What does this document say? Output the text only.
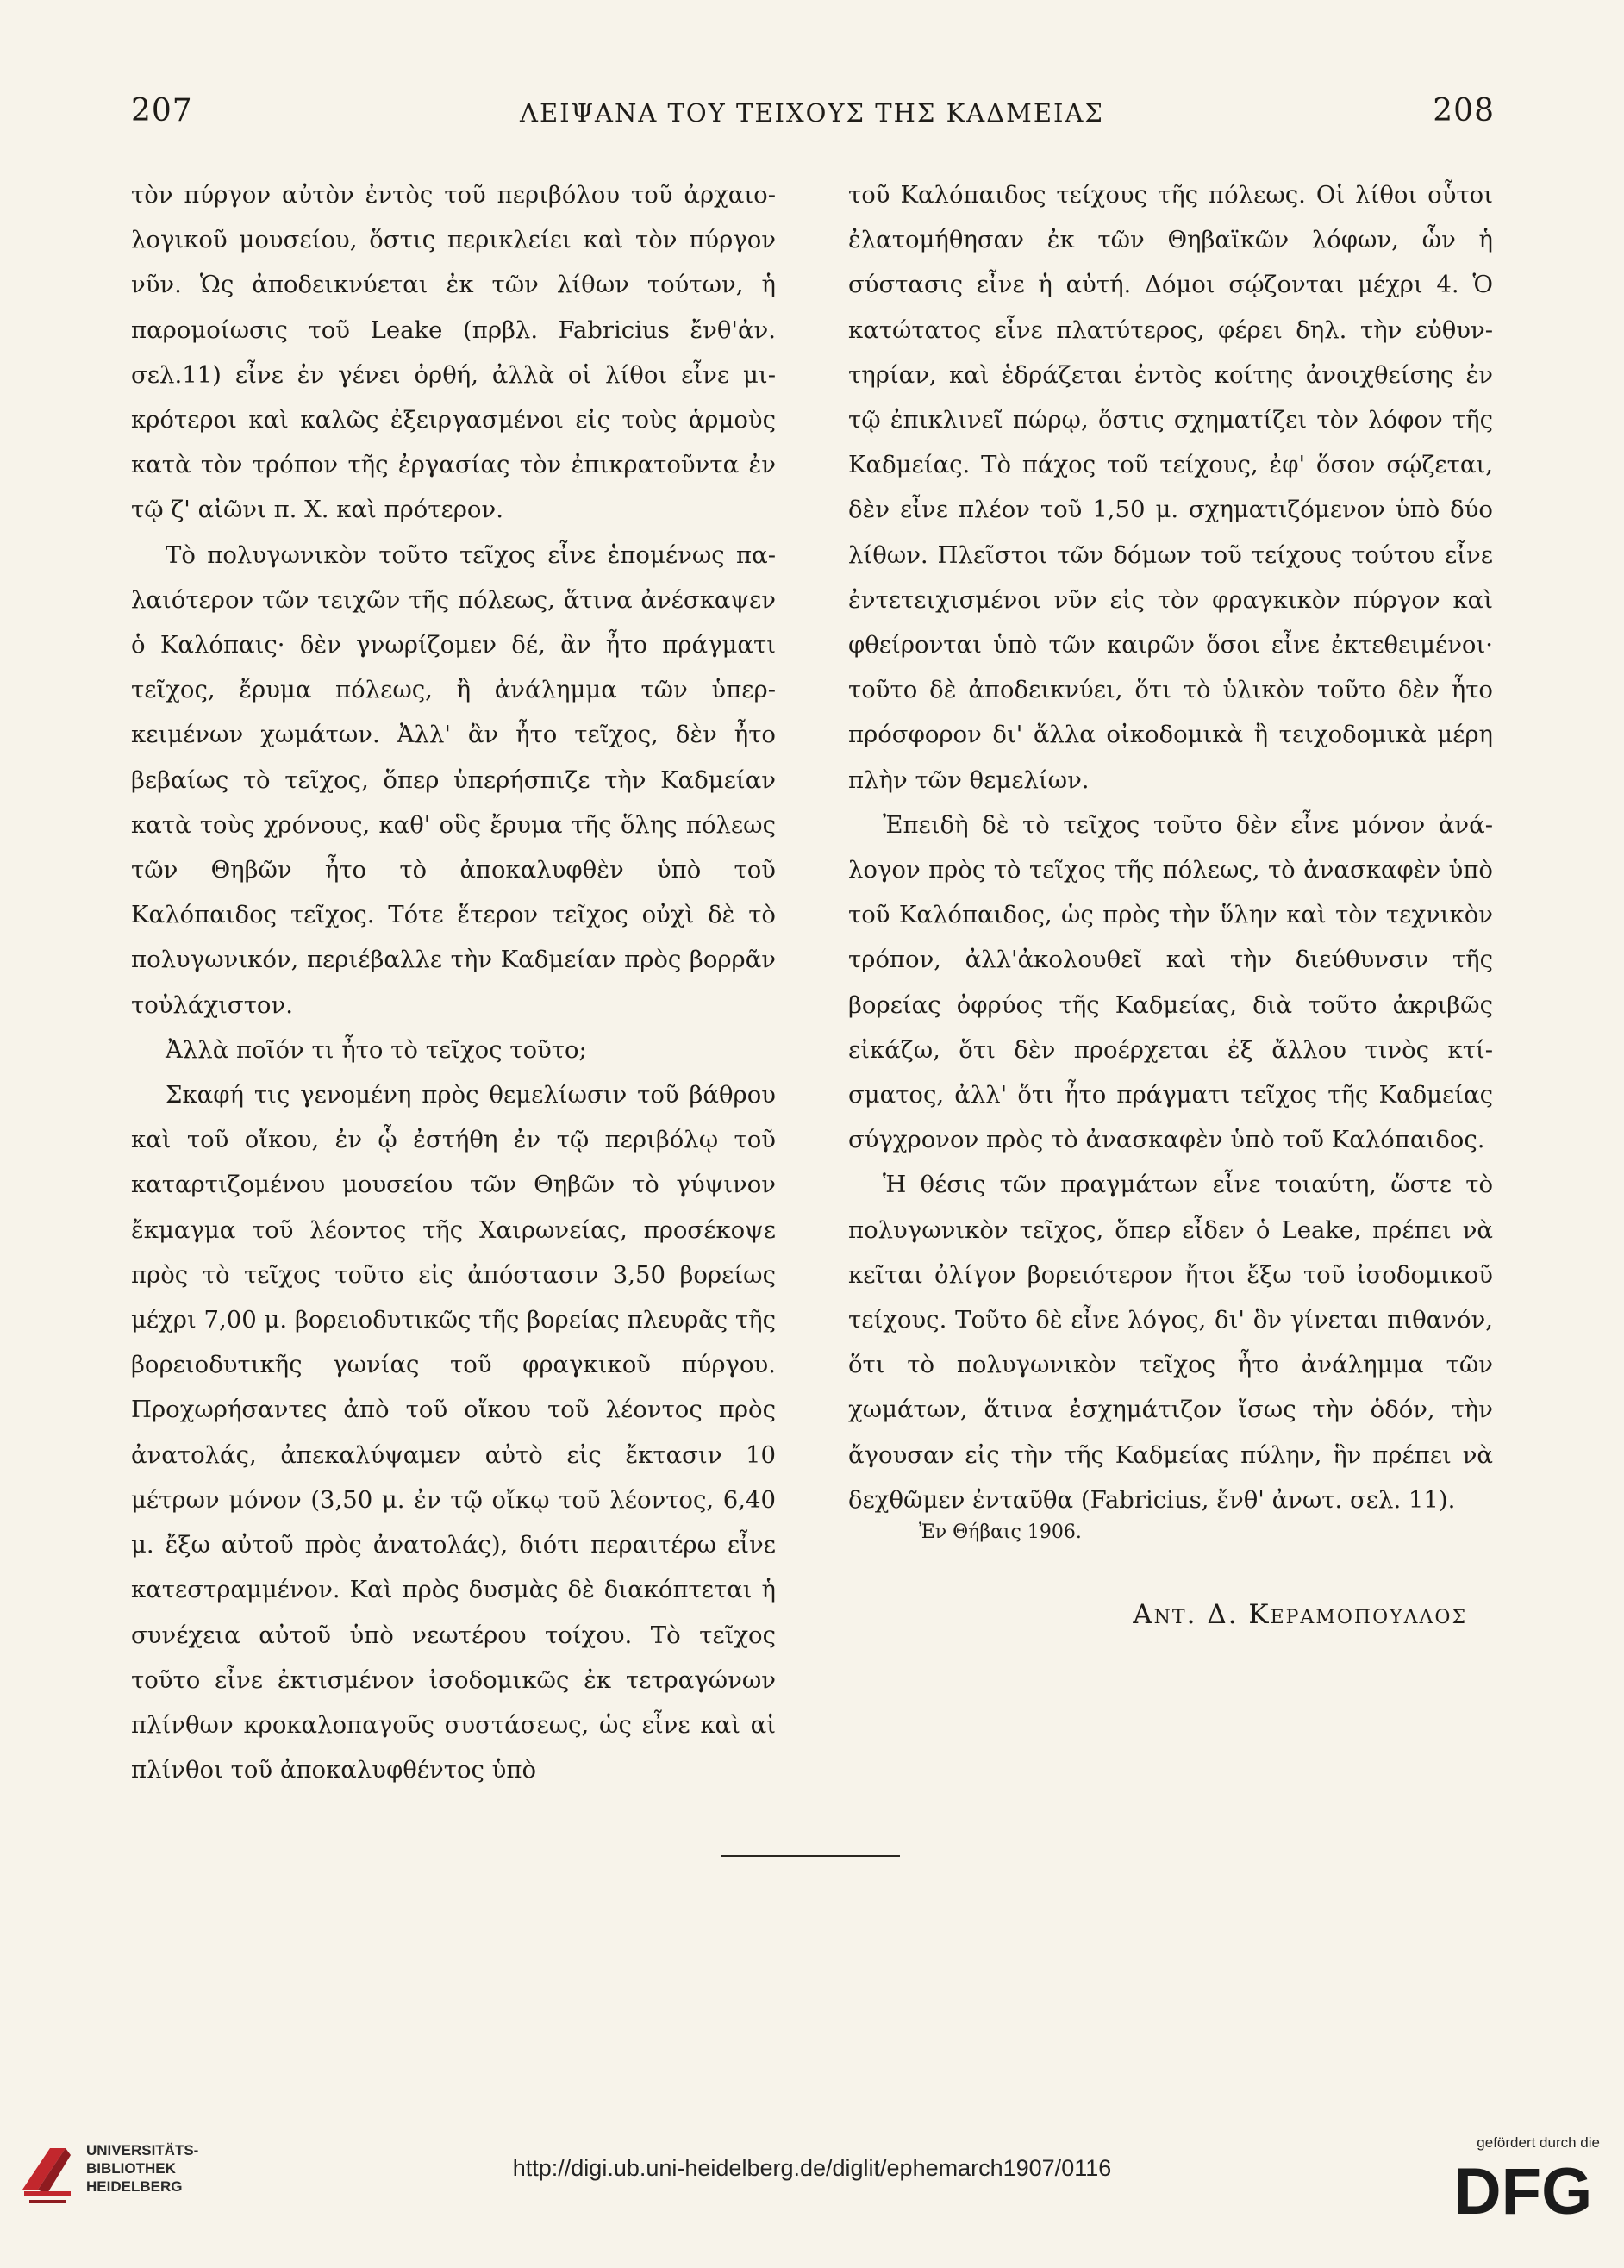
207	ΛΕΙΨΑΝΑ ΤΟΥ ΤΕΙΧΟΥΣ ΤΗΣ ΚΑΔΜΕΙΑΣ	208

τὸν πύργον αὐτὸν ἐντὸς τοῦ περιβόλου τοῦ ἀρχαιολογικοῦ μουσείου, ὅστις περικλείει καὶ τὸν πύργον νῦν. Ὡς ἀποδεικνύεται ἐκ τῶν λίθων τούτων, ἡ παρομοίωσις τοῦ Leake (πρβλ. Fabricius ἔνθ'ἀν. σελ.11) εἶνε ἐν γένει ὀρθή, ἀλλὰ οἱ λίθοι εἶνε μικρότεροι καὶ καλῶς ἐξειργασμένοι εἰς τοὺς ἁρμοὺς κατὰ τὸν τρόπον τῆς ἐργασίας τὸν ἐπικρατοῦντα ἐν τῷ ζ' αἰῶνι π. Χ. καὶ πρότερον.

Τὸ πολυγωνικὸν τοῦτο τεῖχος εἶνε ἑπομένως παλαιότερον τῶν τειχῶν τῆς πόλεως, ἅτινα ἀνέσκαψεν ὁ Καλόπαις· δὲν γνωρίζομεν δέ, ἂν ἦτο πράγματι τεῖχος, ἔρυμα πόλεως, ἢ ἀνάλημμα τῶν ὑπερκειμένων χωμάτων. Ἀλλ' ἂν ἦτο τεῖχος, δὲν ἦτο βεβαίως τὸ τεῖχος, ὅπερ ὑπερήσπιζε τὴν Καδμείαν κατὰ τοὺς χρόνους, καθ' οὓς ἔρυμα τῆς ὅλης πόλεως τῶν Θηβῶν ἦτο τὸ ἀποκαλυφθὲν ὑπὸ τοῦ Καλόπαιδος τεῖχος. Τότε ἕτερον τεῖχος οὐχὶ δὲ τὸ πολυγωνικόν, περιέβαλλε τὴν Καδμείαν πρὸς βορρᾶν τοὐλάχιστον.

Ἀλλὰ ποῖόν τι ἦτο τὸ τεῖχος τοῦτο;

Σκαφή τις γενομένη πρὸς θεμελίωσιν τοῦ βάθρου καὶ τοῦ οἴκου, ἐν ᾧ ἐστήθη ἐν τῷ περιβόλῳ τοῦ καταρτιζομένου μουσείου τῶν Θηβῶν τὸ γύψινον ἔκμαγμα τοῦ λέοντος τῆς Χαιρωνείας, προσέκοψε πρὸς τὸ τεῖχος τοῦτο εἰς ἀπόστασιν 3,50 βορείως μέχρι 7,00 μ. βορειοδυτικῶς τῆς βορείας πλευρᾶς τῆς βορειοδυτικῆς γωνίας τοῦ φραγκικοῦ πύργου. Προχωρήσαντες ἀπὸ τοῦ οἴκου τοῦ λέοντος πρὸς ἀνατολάς, ἀπεκαλύψαμεν αὐτὸ εἰς ἔκτασιν 10 μέτρων μόνον (3,50 μ. ἐν τῷ οἴκῳ τοῦ λέοντος, 6,40 μ. ἔξω αὐτοῦ πρὸς ἀνατολάς), διότι περαιτέρω εἶνε κατεστραμμένον. Καὶ πρὸς δυσμὰς δὲ διακόπτεται ἡ συνέχεια αὐτοῦ ὑπὸ νεωτέρου τοίχου. Τὸ τεῖχος τοῦτο εἶνε ἐκτισμένον ἰσοδομικῶς ἐκ τετραγώνων πλίνθων κροκαλοπαγοῦς συστάσεως, ὡς εἶνε καὶ αἱ πλίνθοι τοῦ ἀποκαλυφθέντος ὑπὸ

τοῦ Καλόπαιδος τείχους τῆς πόλεως. Οἱ λίθοι οὗτοι ἐλατομήθησαν ἐκ τῶν Θηβαϊκῶν λόφων, ὧν ἡ σύστασις εἶνε ἡ αὐτή. Δόμοι σῴζονται μέχρι 4. Ὁ κατώτατος εἶνε πλατύτερος, φέρει δηλ. τὴν εὐθυντηρίαν, καὶ ἑδράζεται ἐντὸς κοίτης ἀνοιχθείσης ἐν τῷ ἐπικλινεῖ πώρῳ, ὅστις σχηματίζει τὸν λόφον τῆς Καδμείας. Τὸ πάχος τοῦ τείχους, ἐφ' ὅσον σῴζεται, δὲν εἶνε πλέον τοῦ 1,50 μ. σχηματιζόμενον ὑπὸ δύο λίθων. Πλεῖστοι τῶν δόμων τοῦ τείχους τούτου εἶνε ἐντετειχισμένοι νῦν εἰς τὸν φραγκικὸν πύργον καὶ φθείρονται ὑπὸ τῶν καιρῶν ὅσοι εἶνε ἐκτεθειμένοι· τοῦτο δὲ ἀποδεικνύει, ὅτι τὸ ὑλικὸν τοῦτο δὲν ἦτο πρόσφορον δι' ἄλλα οἰκοδομικὰ ἢ τειχοδομικὰ μέρη πλὴν τῶν θεμελίων.

Ἐπειδὴ δὲ τὸ τεῖχος τοῦτο δὲν εἶνε μόνον ἀνάλογον πρὸς τὸ τεῖχος τῆς πόλεως, τὸ ἀνασκαφὲν ὑπὸ τοῦ Καλόπαιδος, ὡς πρὸς τὴν ὕλην καὶ τὸν τεχνικὸν τρόπον, ἀλλ'ἀκολουθεῖ καὶ τὴν διεύθυνσιν τῆς βορείας ὀφρύος τῆς Καδμείας, διὰ τοῦτο ἀκριβῶς εἰκάζω, ὅτι δὲν προέρχεται ἐξ ἄλλου τινὸς κτίσματος, ἀλλ' ὅτι ἦτο πράγματι τεῖχος τῆς Καδμείας σύγχρονον πρὸς τὸ ἀνασκαφὲν ὑπὸ τοῦ Καλόπαιδος.

Ἡ θέσις τῶν πραγμάτων εἶνε τοιαύτη, ὥστε τὸ πολυγωνικὸν τεῖχος, ὅπερ εἶδεν ὁ Leake, πρέπει νὰ κεῖται ὀλίγον βορειότερον ἤτοι ἔξω τοῦ ἰσοδομικοῦ τείχους. Τοῦτο δὲ εἶνε λόγος, δι' ὃν γίνεται πιθανόν, ὅτι τὸ πολυγωνικὸν τεῖχος ἦτο ἀνάλημμα τῶν χωμάτων, ἅτινα ἐσχημάτιζον ἴσως τὴν ὁδόν, τὴν ἄγουσαν εἰς τὴν τῆς Καδμείας πύλην, ἣν πρέπει νὰ δεχθῶμεν ἐνταῦθα (Fabricius, ἔνθ' ἀνωτ. σελ. 11).

Ἐν Θήβαις 1906.
Αντ. Δ. Κεραμοπουλλος
UNIVERSITÄTS-
BIBLIOTHEK
HEIDELBERG
http://digi.ub.uni-heidelberg.de/diglit/ephemarch1907/0116
gefördert durch die
DFG
